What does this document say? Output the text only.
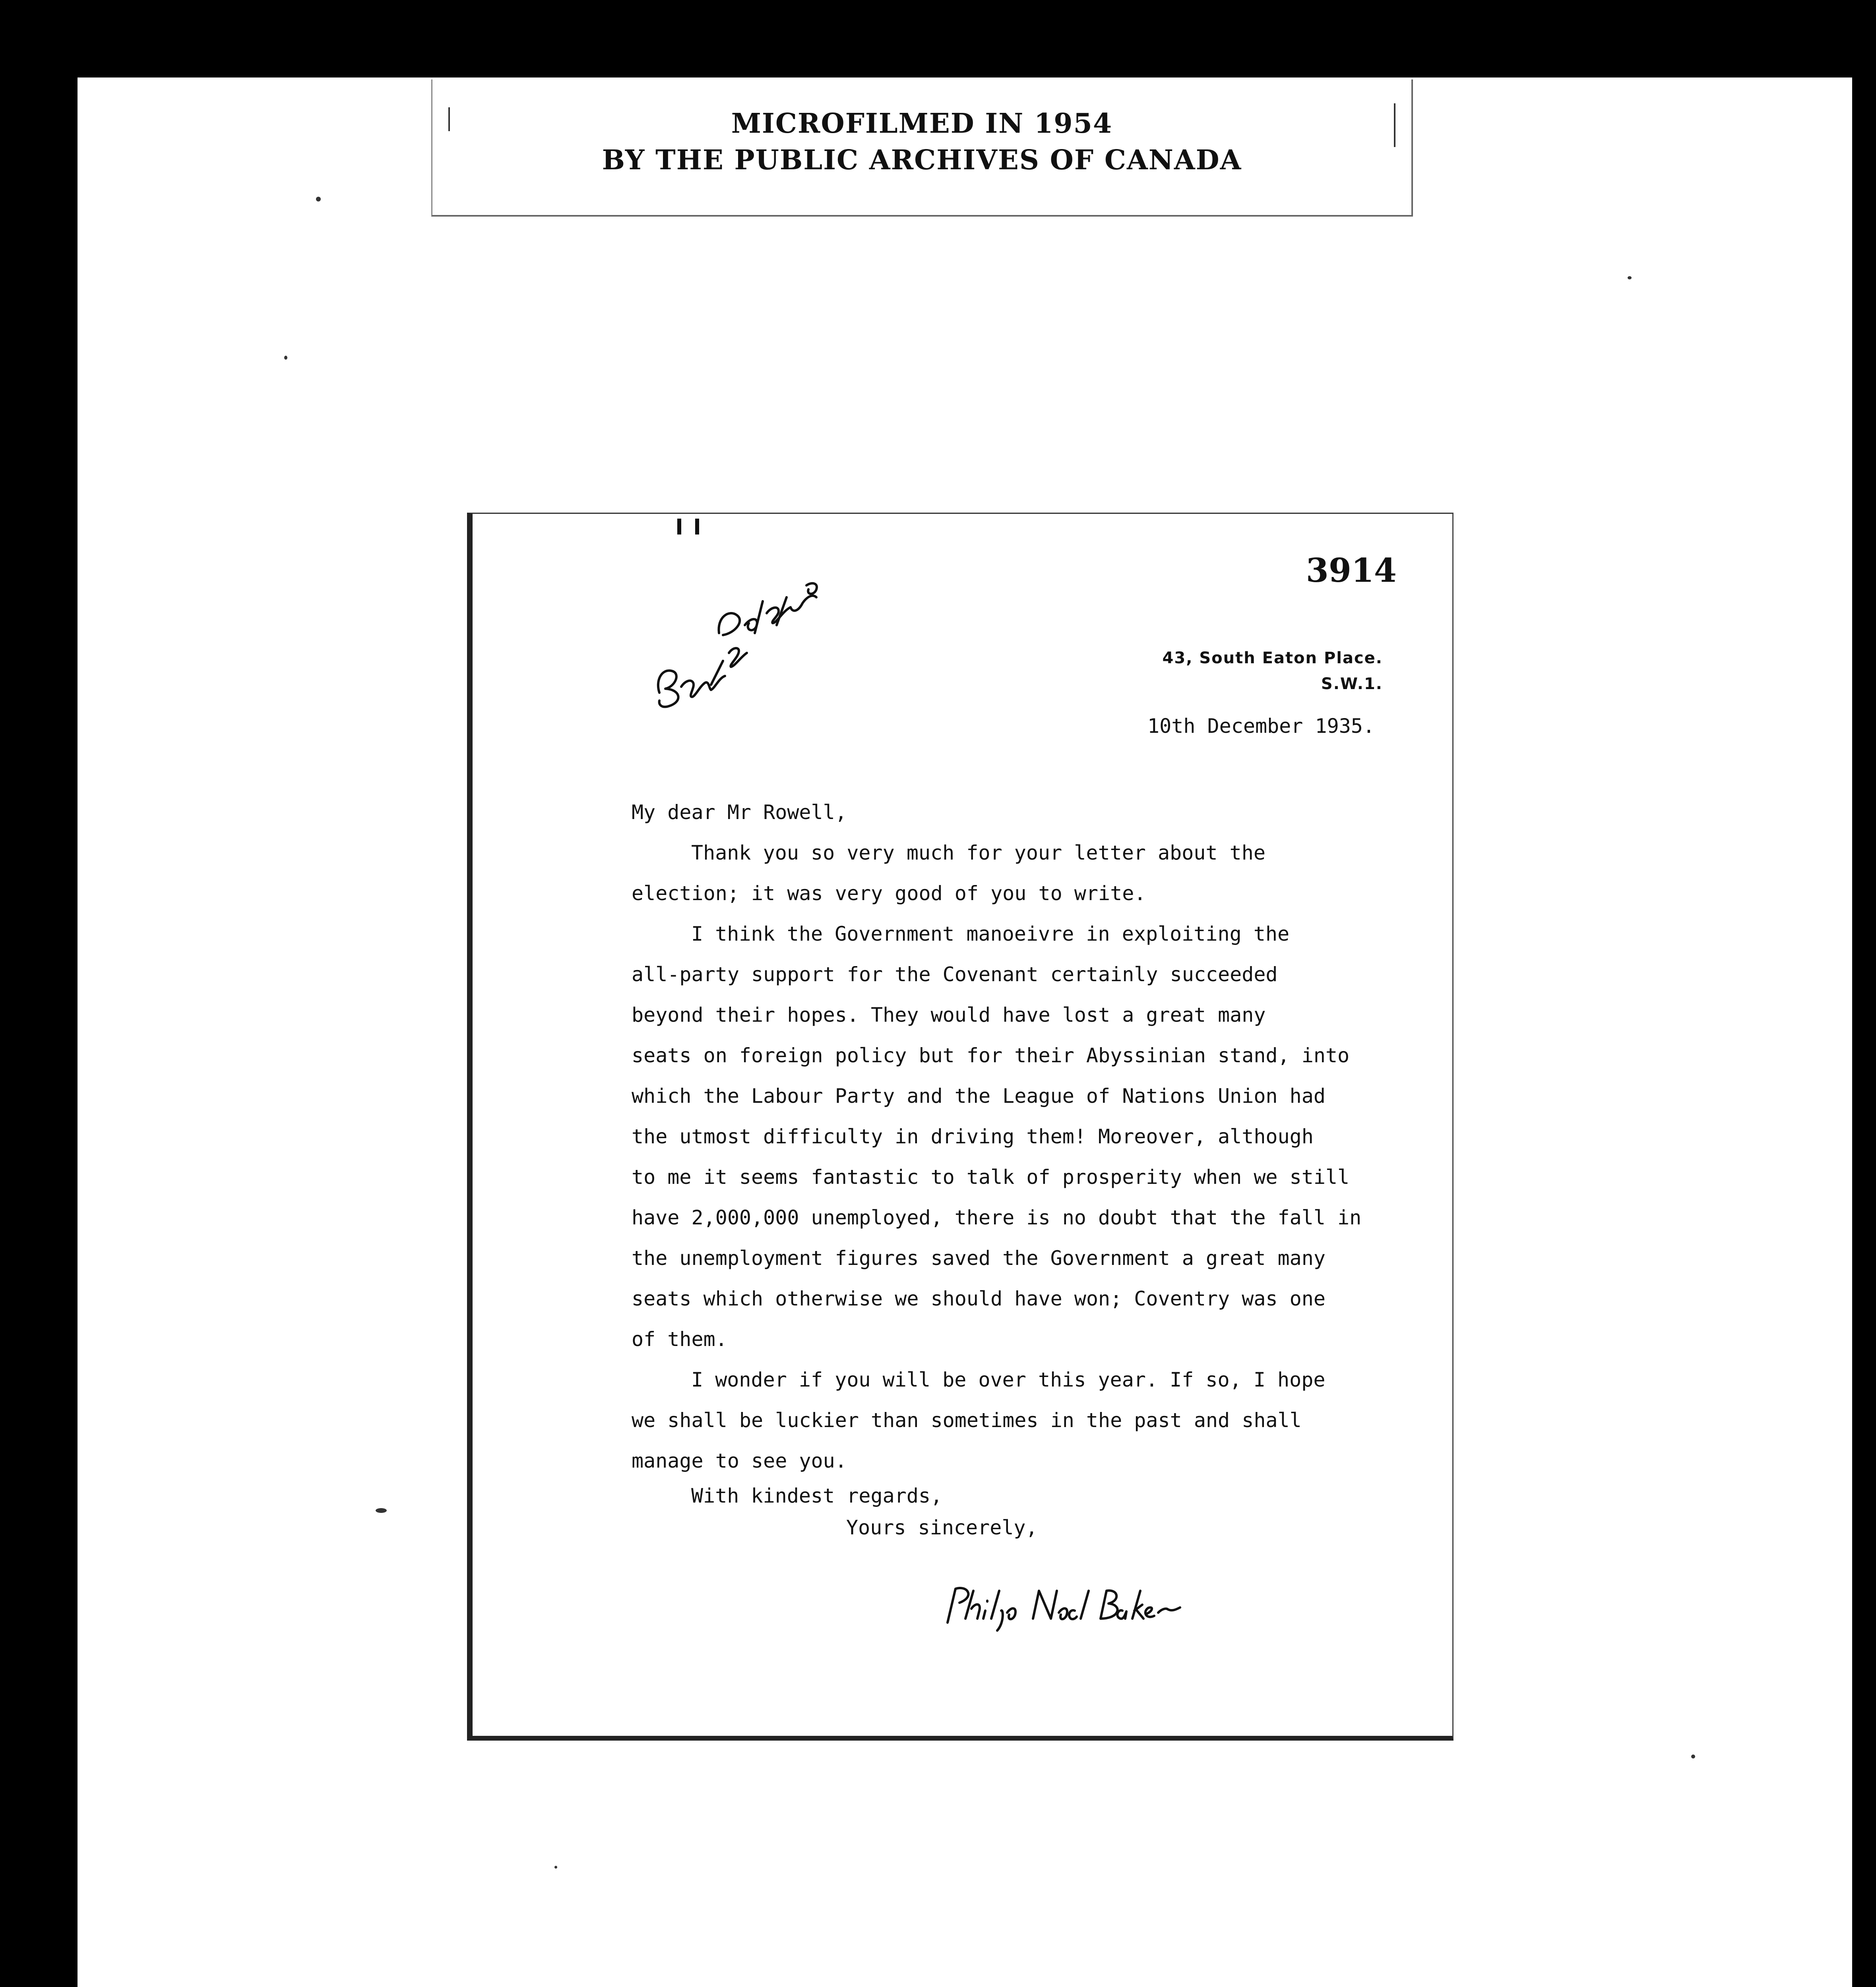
MICROFILMED IN 1954
BY THE PUBLIC ARCHIVES OF CANADA
3914
43, South Eaton Place.
S.W.1.
10th December 1935.

My dear Mr Rowell,

Thank you so very much for your letter about the

election; it was very good of you to write.

I think the Government manoeivre in exploiting the

all-party support for the Covenant certainly succeeded

beyond their hopes. They would have lost a great many

seats on foreign policy but for their Abyssinian stand, into

which the Labour Party and the League of Nations Union had

the utmost difficulty in driving them! Moreover, although

to me it seems fantastic to talk of prosperity when we still

have 2,000,000 unemployed, there is no doubt that the fall in

the unemployment figures saved the Government a great many

seats which otherwise we should have won; Coventry was one

of them.

I wonder if you will be over this year. If so, I hope

we shall be luckier than sometimes in the past and shall

manage to see you.

With kindest regards,
Yours sincerely,
